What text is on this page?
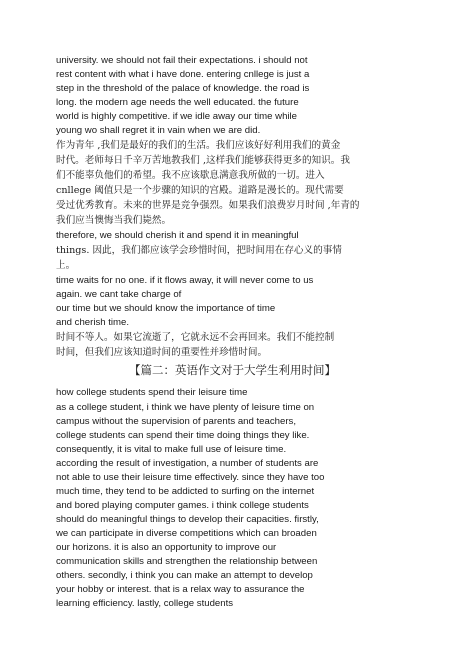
university. we should not fail their expectations. i should not
rest content with what i have done. entering cnllege is just a
step in the threshold of the palace of knowledge. the road is
long. the modern age needs the well educated. the future
world is highly competitive. if we idle away our time while
young wo shall regret it in vain when we are did.
作为青年 ,我们是最好的我们的生活。我们应该好好利用我们的黄金
时代。老师每日千辛万苦地教我们 ,这样我们能够获得更多的知识。我
们不能辜负他们的希望。我不应该歇息满意我所做的一切。进入
cnllege 阈值只是一个步骤的知识的宫殿。道路是漫长的。现代需要
受过优秀教育。未来的世界是竞争强烈。如果我们浪费岁月时间 ,年青的
我们应当懊悔当我们毙然。
therefore, we should cherish it and spend it in meaningful
things. 因此，我们都应该学会珍惜时间，把时间用在存心义的事情
上。
time waits for no one. if it flows away, it will never come to us
again. we cant take charge of
our time but we should know the importance of time
and cherish time.
时间不等人。如果它流逝了，它就永远不会再回来。我们不能控制
时间，但我们应该知道时间的重要性并珍惜时间。
【篇二：英语作文对于大学生利用时间】
how college students spend their leisure time
as a college student, i think we have plenty of leisure time on
campus without the supervision of parents and teachers,
college students can spend their time doing things they like.
consequently, it is vital to make full use of leisure time.
according the result of investigation, a number of students are
not able to use their leisure time effectively. since they have too
much time, they tend to be addicted to surfing on the internet
and bored playing computer games. i think college students
should do meaningful things to develop their capacities. firstly,
we can participate in diverse competitions which can broaden
our horizons. it is also an opportunity to improve our
communication skills and strengthen the relationship between
others. secondly, i think you can make an attempt to develop
your hobby or interest. that is a relax way to assurance the
learning efficiency. lastly, college students
